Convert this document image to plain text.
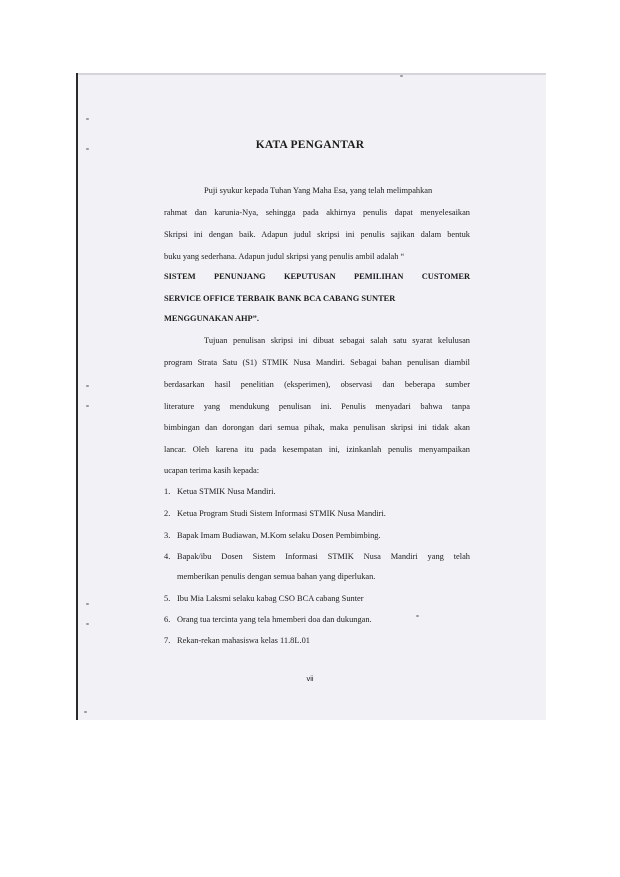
KATA PENGANTAR

Puji syukur kepada Tuhan Yang Maha Esa, yang telah melimpahkan

rahmat dan karunia-Nya, sehingga pada akhirnya penulis dapat menyelesaikan

Skripsi ini dengan baik. Adapun judul skripsi ini penulis sajikan dalam bentuk

buku yang sederhana. Adapun judul skripsi yang penulis ambil adalah “

SISTEM PENUNJANG KEPUTUSAN PEMILIHAN CUSTOMER

SERVICE OFFICE TERBAIK BANK BCA CABANG SUNTER

MENGGUNAKAN AHP”.

Tujuan penulisan skripsi ini dibuat sebagai salah satu syarat kelulusan

program Strata Satu (S1) STMIK Nusa Mandiri. Sebagai bahan penulisan diambil

berdasarkan hasil penelitian (eksperimen), observasi dan beberapa sumber

literature yang mendukung penulisan ini. Penulis menyadari bahwa tanpa

bimbingan dan dorongan dari semua pihak, maka penulisan skripsi ini tidak akan

lancar. Oleh karena itu pada kesempatan ini, izinkanlah penulis menyampaikan

ucapan terima kasih kepada:

1. Ketua STMIK Nusa Mandiri.

2. Ketua Program Studi Sistem Informasi STMIK Nusa Mandiri.

3. Bapak Imam Budiawan, M.Kom selaku Dosen Pembimbing.

4. Bapak/ibu Dosen Sistem Informasi STMIK Nusa Mandiri yang telah

memberikan penulis dengan semua bahan yang diperlukan.

5. Ibu Mia Laksmi selaku kabag CSO BCA cabang Sunter

6. Orang tua tercinta yang tela hmemberi doa dan dukungan.

7. Rekan-rekan mahasiswa kelas 11.8L.01

vii
